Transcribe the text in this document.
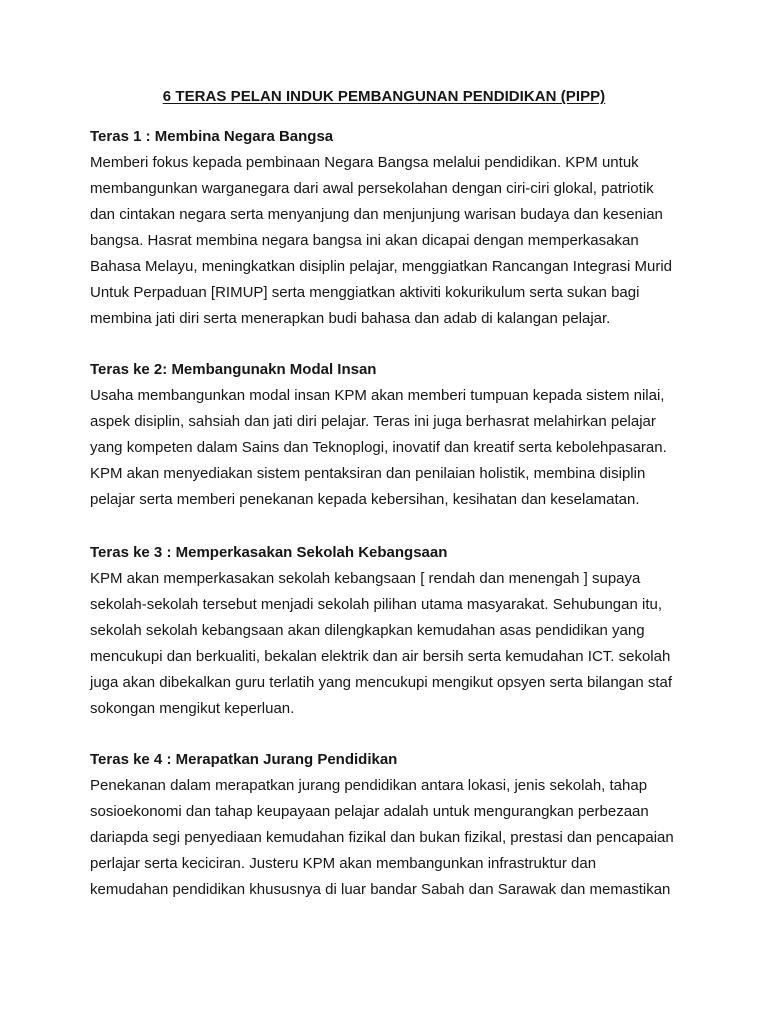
6 TERAS PELAN INDUK PEMBANGUNAN PENDIDIKAN (PIPP)
Teras 1 : Membina Negara Bangsa
Memberi fokus kepada pembinaan Negara Bangsa melalui pendidikan. KPM untuk
membangunkan warganegara dari awal persekolahan dengan ciri-ciri glokal, patriotik
dan cintakan negara serta menyanjung dan menjunjung warisan budaya dan kesenian
bangsa. Hasrat membina negara bangsa ini akan dicapai dengan memperkasakan
Bahasa Melayu, meningkatkan disiplin pelajar, menggiatkan Rancangan Integrasi Murid
Untuk Perpaduan [RIMUP] serta menggiatkan aktiviti kokurikulum serta sukan bagi
membina jati diri serta menerapkan budi bahasa dan adab di kalangan pelajar.
Teras ke 2: Membangunakn Modal Insan
Usaha membangunkan modal insan KPM akan memberi tumpuan kepada sistem nilai,
aspek disiplin, sahsiah dan jati diri pelajar. Teras ini juga berhasrat melahirkan pelajar
yang kompeten dalam Sains dan Teknoplogi, inovatif dan kreatif serta kebolehpasaran.
KPM akan menyediakan sistem pentaksiran dan penilaian holistik, membina disiplin
pelajar serta memberi penekanan kepada kebersihan, kesihatan dan keselamatan.
Teras ke 3 : Memperkasakan Sekolah Kebangsaan
KPM akan memperkasakan sekolah kebangsaan [ rendah dan menengah ] supaya
sekolah-sekolah tersebut menjadi sekolah pilihan utama masyarakat. Sehubungan itu,
sekolah sekolah kebangsaan akan dilengkapkan kemudahan asas pendidikan yang
mencukupi dan berkualiti, bekalan elektrik dan air bersih serta kemudahan ICT. sekolah
juga akan dibekalkan guru terlatih yang mencukupi mengikut opsyen serta bilangan staf
sokongan mengikut keperluan.
Teras ke 4 : Merapatkan Jurang Pendidikan
Penekanan dalam merapatkan jurang pendidikan antara lokasi, jenis sekolah, tahap
sosioekonomi dan tahap keupayaan pelajar adalah untuk mengurangkan perbezaan
dariapda segi penyediaan kemudahan fizikal dan bukan fizikal, prestasi dan pencapaian
perlajar serta keciciran. Justeru KPM akan membangunkan infrastruktur dan
kemudahan pendidikan khususnya di luar bandar Sabah dan Sarawak dan memastikan
